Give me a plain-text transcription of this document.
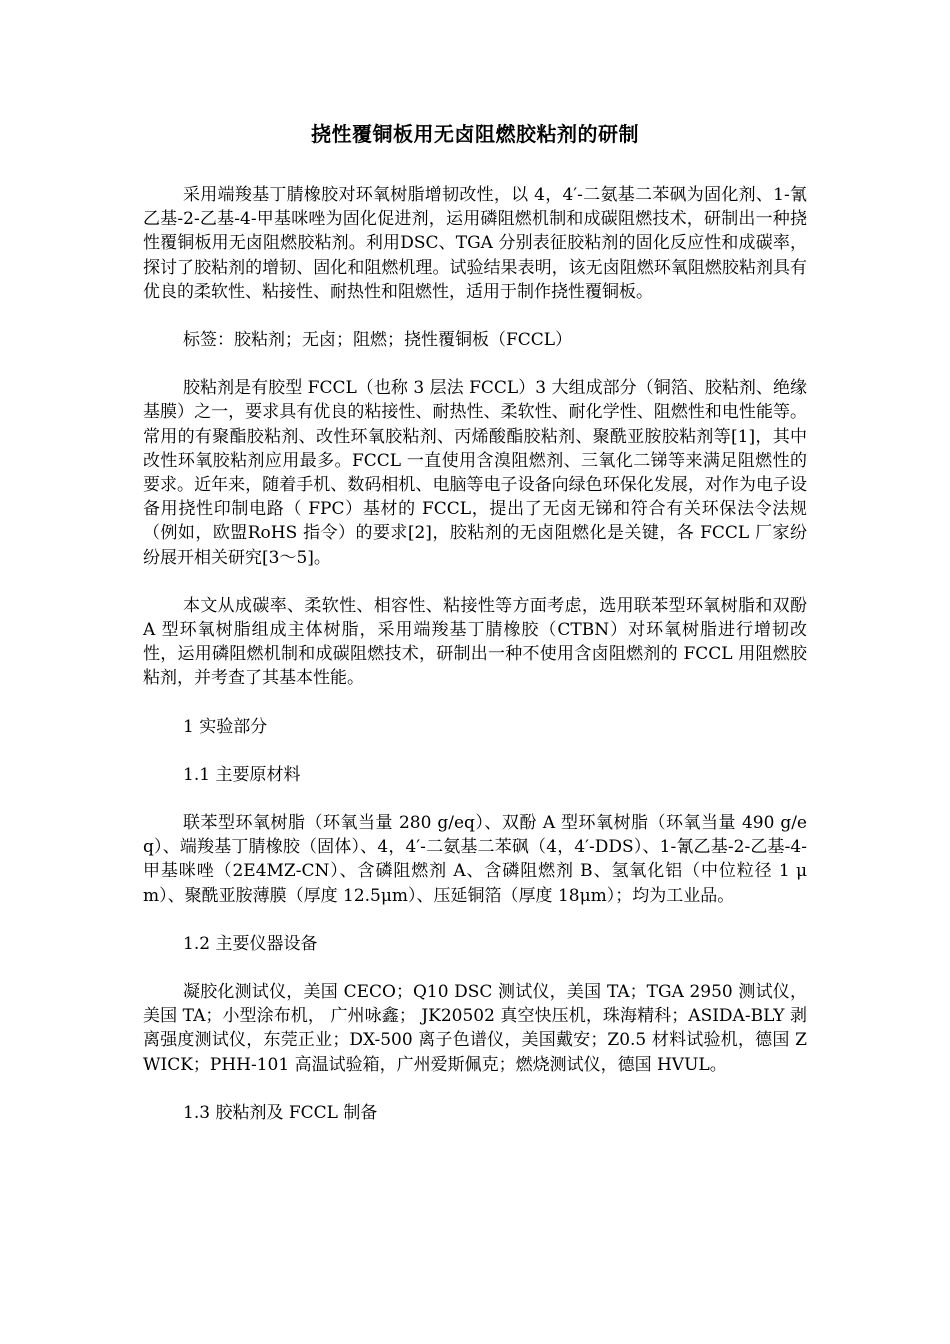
挠性覆铜板用无卤阻燃胶粘剂的研制

采用端羧基丁腈橡胶对环氧树脂增韧改性，以 4，4′-二氨基二苯砜为固化剂、1-氰乙基-2-乙基-4-甲基咪唑为固化促进剂，运用磷阻燃机制和成碳阻燃技术，研制出一种挠性覆铜板用无卤阻燃胶粘剂。利用DSC、TGA 分别表征胶粘剂的固化反应性和成碳率，探讨了胶粘剂的增韧、固化和阻燃机理。试验结果表明，该无卤阻燃环氧阻燃胶粘剂具有优良的柔软性、粘接性、耐热性和阻燃性，适用于制作挠性覆铜板。

标签：胶粘剂；无卤；阻燃；挠性覆铜板（FCCL）

胶粘剂是有胶型 FCCL（也称 3 层法 FCCL）3 大组成部分（铜箔、胶粘剂、绝缘基膜）之一，要求具有优良的粘接性、耐热性、柔软性、耐化学性、阻燃性和电性能等。常用的有聚酯胶粘剂、改性环氧胶粘剂、丙烯酸酯胶粘剂、聚酰亚胺胶粘剂等[1]，其中改性环氧胶粘剂应用最多。FCCL 一直使用含溴阻燃剂、三氧化二锑等来满足阻燃性的要求。近年来，随着手机、数码相机、电脑等电子设备向绿色环保化发展，对作为电子设备用挠性印制电路（ FPC）基材的 FCCL，提出了无卤无锑和符合有关环保法令法规（例如，欧盟RoHS 指令）的要求[2]，胶粘剂的无卤阻燃化是关键，各 FCCL 厂家纷纷展开相关研究[3～5]。

本文从成碳率、柔软性、相容性、粘接性等方面考虑，选用联苯型环氧树脂和双酚 A 型环氧树脂组成主体树脂，采用端羧基丁腈橡胶（CTBN）对环氧树脂进行增韧改性，运用磷阻燃机制和成碳阻燃技术，研制出一种不使用含卤阻燃剂的 FCCL 用阻燃胶粘剂，并考查了其基本性能。

1 实验部分

1.1 主要原材料

联苯型环氧树脂（环氧当量 280 g/eq）、双酚 A 型环氧树脂（环氧当量 490 g/eq）、端羧基丁腈橡胶（固体）、4，4′-二氨基二苯砜（4，4′-DDS）、1-氰乙基-2-乙基-4-甲基咪唑（2E4MZ-CN）、含磷阻燃剂 A、含磷阻燃剂 B、氢氧化铝（中位粒径 1 μm）、聚酰亚胺薄膜（厚度 12.5μm）、压延铜箔（厚度 18μm）；均为工业品。

1.2 主要仪器设备

凝胶化测试仪，美国 CECO；Q10 DSC 测试仪，美国 TA；TGA 2950 测试仪，美国 TA；小型涂布机， 广州咏鑫； JK20502 真空快压机，珠海精科；ASIDA-BLY 剥离强度测试仪，东莞正业；DX-500 离子色谱仪，美国戴安；Z0.5 材料试验机，德国 ZWICK；PHH-101 高温试验箱，广州爱斯佩克；燃烧测试仪，德国 HVUL。

1.3 胶粘剂及 FCCL 制备
